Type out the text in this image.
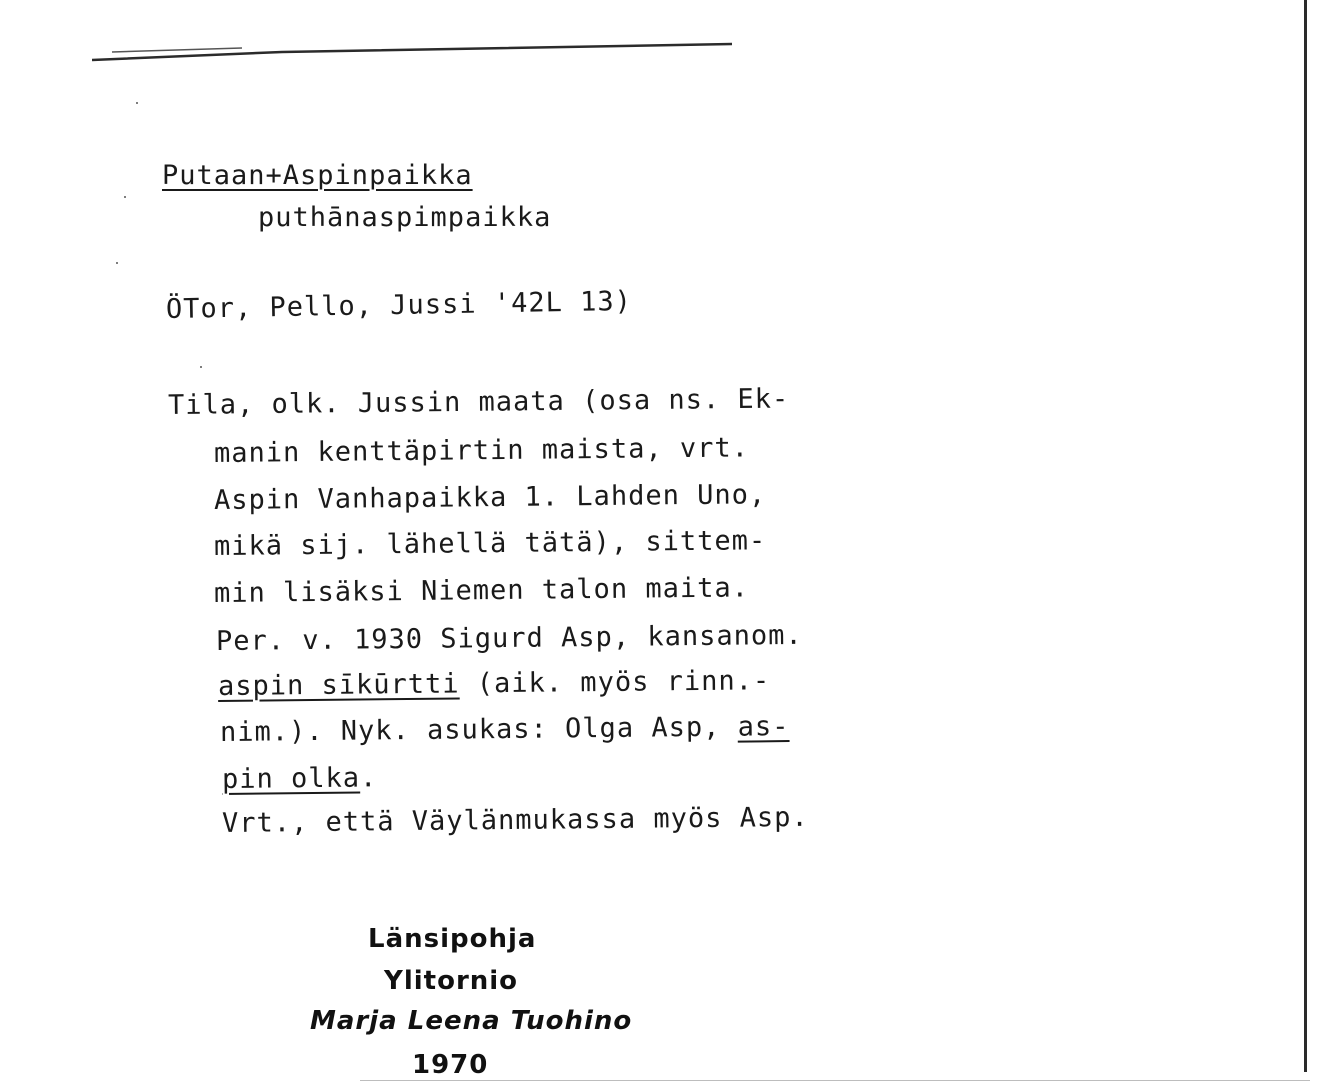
Putaan+Aspinpaikka
puthānaspimpaikka
ÖTor, Pello, Jussi '42L 13)
Tila, olk. Jussin maata (osa ns. Ek-
manin kenttäpirtin maista, vrt.
Aspin Vanhapaikka 1. Lahden Uno,
mikä sij. lähellä tätä), sittem-
min lisäksi Niemen talon maita.
Per. v. 1930 Sigurd Asp, kansanom.
aspin sīkūrtti (aik. myös rinn.-
nim.). Nyk. asukas: Olga Asp, as-
pin olka.
Vrt., että Väylänmukassa myös Asp.
Länsipohja
Ylitornio
Marja Leena Tuohino
1970
